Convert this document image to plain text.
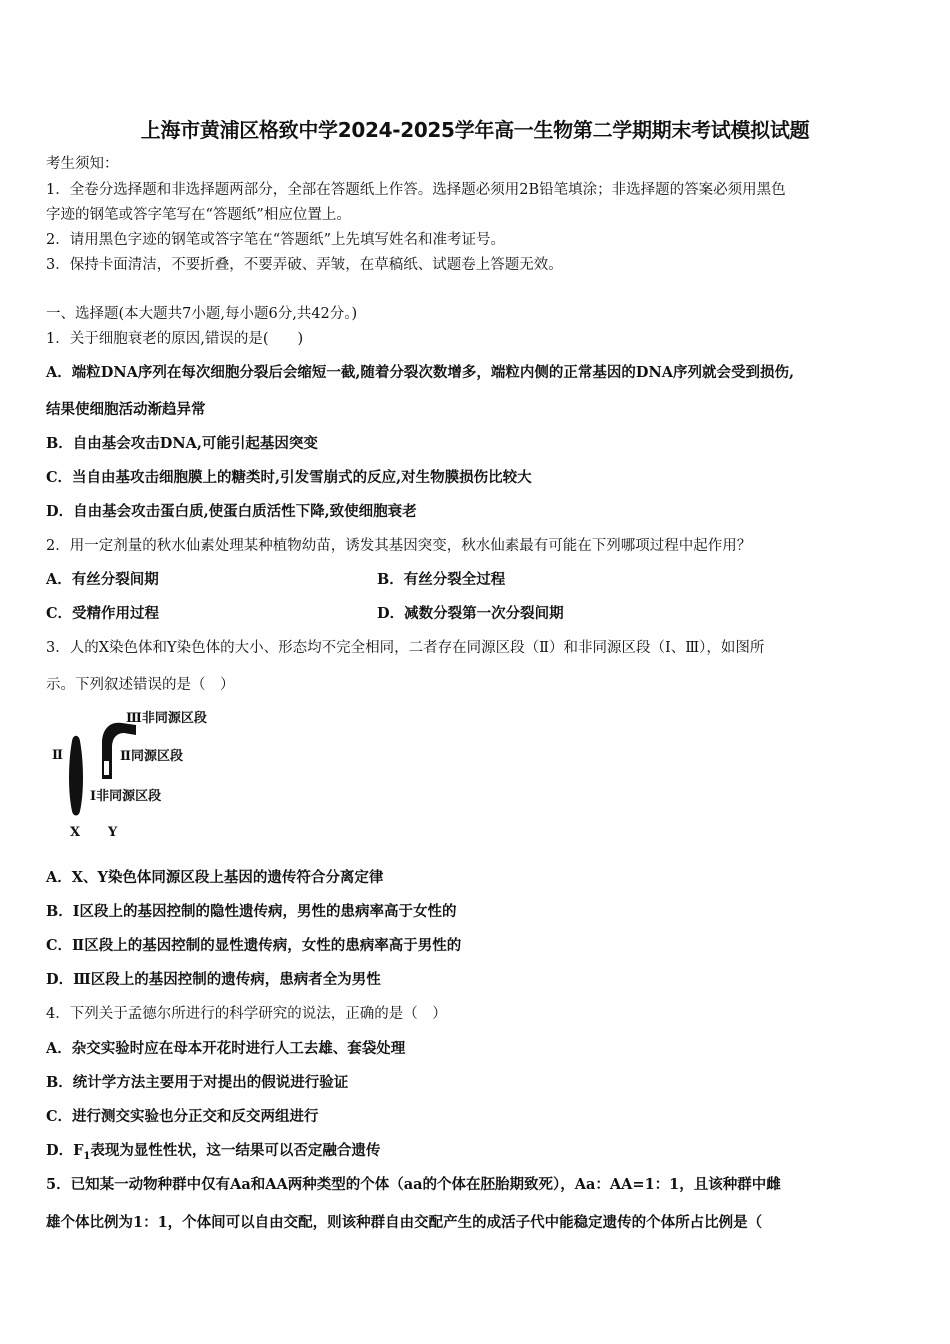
上海市黄浦区格致中学2024-2025学年高一生物第二学期期末考试模拟试题
考生须知：
1．全卷分选择题和非选择题两部分，全部在答题纸上作答。选择题必须用2B铅笔填涂；非选择题的答案必须用黑色
字迹的钢笔或答字笔写在“答题纸”相应位置上。
2．请用黑色字迹的钢笔或答字笔在“答题纸”上先填写姓名和准考证号。
3．保持卡面清洁，不要折叠，不要弄破、弄皱，在草稿纸、试题卷上答题无效。
一、选择题(本大题共7小题,每小题6分,共42分。)
1．关于细胞衰老的原因,错误的是(　　)
A．端粒DNA序列在每次细胞分裂后会缩短一截,随着分裂次数增多，端粒内侧的正常基因的DNA序列就会受到损伤,
结果使细胞活动渐趋异常
B．自由基会攻击DNA,可能引起基因突变
C．当自由基攻击细胞膜上的糖类时,引发雪崩式的反应,对生物膜损伤比较大
D．自由基会攻击蛋白质,使蛋白质活性下降,致使细胞衰老
2．用一定剂量的秋水仙素处理某种植物幼苗，诱发其基因突变，秋水仙素最有可能在下列哪项过程中起作用？
A．有丝分裂间期	B．有丝分裂全过程
C．受精作用过程	D．减数分裂第一次分裂间期
3．人的X染色体和Y染色体的大小、形态均不完全相同，二者存在同源区段（Ⅱ）和非同源区段（Ⅰ、Ⅲ），如图所
示。下列叙述错误的是（　）
Ⅲ非同源区段
Ⅱ同源区段
Ⅰ非同源区段
Ⅱ
X Y
A．X、Y染色体同源区段上基因的遗传符合分离定律
B．Ⅰ区段上的基因控制的隐性遗传病，男性的患病率高于女性的
C．Ⅱ区段上的基因控制的显性遗传病，女性的患病率高于男性的
D．Ⅲ区段上的基因控制的遗传病，患病者全为男性
4．下列关于孟德尔所进行的科学研究的说法，正确的是（　）
A．杂交实验时应在母本开花时进行人工去雄、套袋处理
B．统计学方法主要用于对提出的假说进行验证
C．进行测交实验也分正交和反交两组进行
D．$F_1$表现为显性性状，这一结果可以否定融合遗传
5．已知某一动物种群中仅有Aa和AA两种类型的个体（aa的个体在胚胎期致死），Aa：AA=1：1，且该种群中雌
雄个体比例为1：1，个体间可以自由交配，则该种群自由交配产生的成活子代中能稳定遗传的个体所占比例是（
